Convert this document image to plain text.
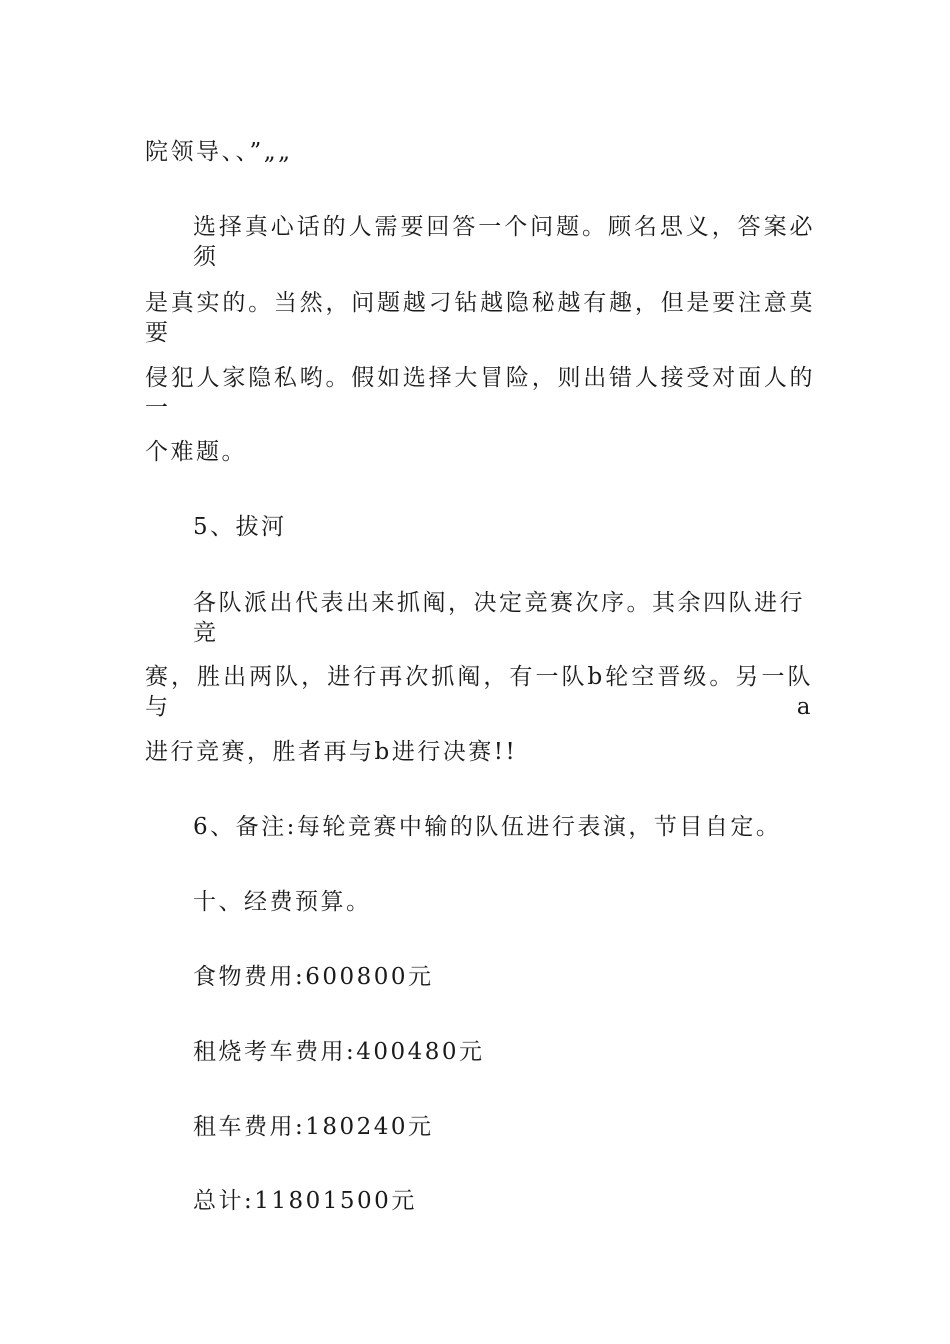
院领导、、”„„
选择真心话的人需要回答一个问题。顾名思义，答案必须
是真实的。当然，问题越刁钻越隐秘越有趣，但是要注意莫要
侵犯人家隐私哟。假如选择大冒险，则出错人接受对面人的一
个难题。
5、拔河
各队派出代表出来抓阄，决定竞赛次序。其余四队进行竞
赛，胜出两队，进行再次抓阄，有一队b轮空晋级。另一队与a
进行竞赛，胜者再与b进行决赛!!
6、备注:每轮竞赛中输的队伍进行表演，节目自定。
十、经费预算。
食物费用:600800元
租烧考车费用:400480元
租车费用:180240元
总计:11801500元
